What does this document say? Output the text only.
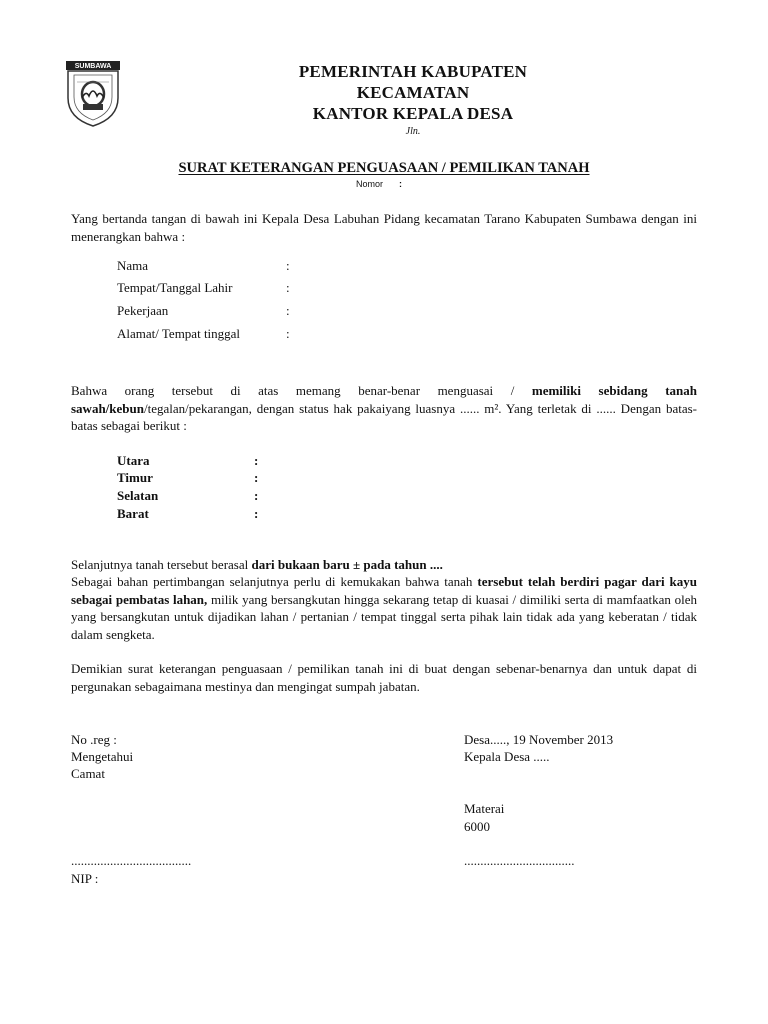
SUMBAWA	PEMERINTAH KABUPATEN
KECAMATAN
KANTOR KEPALA DESA
Jln.
SURAT KETERANGAN PENGUASAAN / PEMILIKAN TANAH
Nomor :
Yang bertanda tangan di bawah ini Kepala Desa Labuhan Pidang kecamatan Tarano Kabupaten Sumbawa dengan ini menerangkan bahwa :
Nama	:
Tempat/Tanggal Lahir	:
Pekerjaan	:
Alamat/ Tempat tinggal	:
Bahwa orang tersebut di atas memang benar-benar menguasai / memiliki sebidang tanah sawah/kebun/tegalan/pekarangan, dengan status hak pakaiyang luasnya ...... m². Yang terletak di ...... Dengan batas-batas sebagai berikut :
Utara	:
Timur	:
Selatan	:
Barat	:
Selanjutnya tanah tersebut berasal dari bukaan baru ± pada tahun ....
Sebagai bahan pertimbangan selanjutnya perlu di kemukakan bahwa tanah tersebut telah berdiri pagar dari kayu sebagai pembatas lahan, milik yang bersangkutan hingga sekarang tetap di kuasai / dimiliki serta di mamfaatkan oleh yang bersangkutan untuk dijadikan lahan / pertanian / tempat tinggal serta pihak lain tidak ada yang keberatan / tidak dalam sengketa.
Demikian surat keterangan penguasaan / pemilikan tanah ini di buat dengan sebenar-benarnya dan untuk dapat di pergunakan sebagaimana mestinya dan mengingat sumpah jabatan.
No .reg :
Mengetahui
Camat
.....................................
NIP :
Desa....., 19 November 2013
Kepala Desa .....
Materai
6000
..................................
